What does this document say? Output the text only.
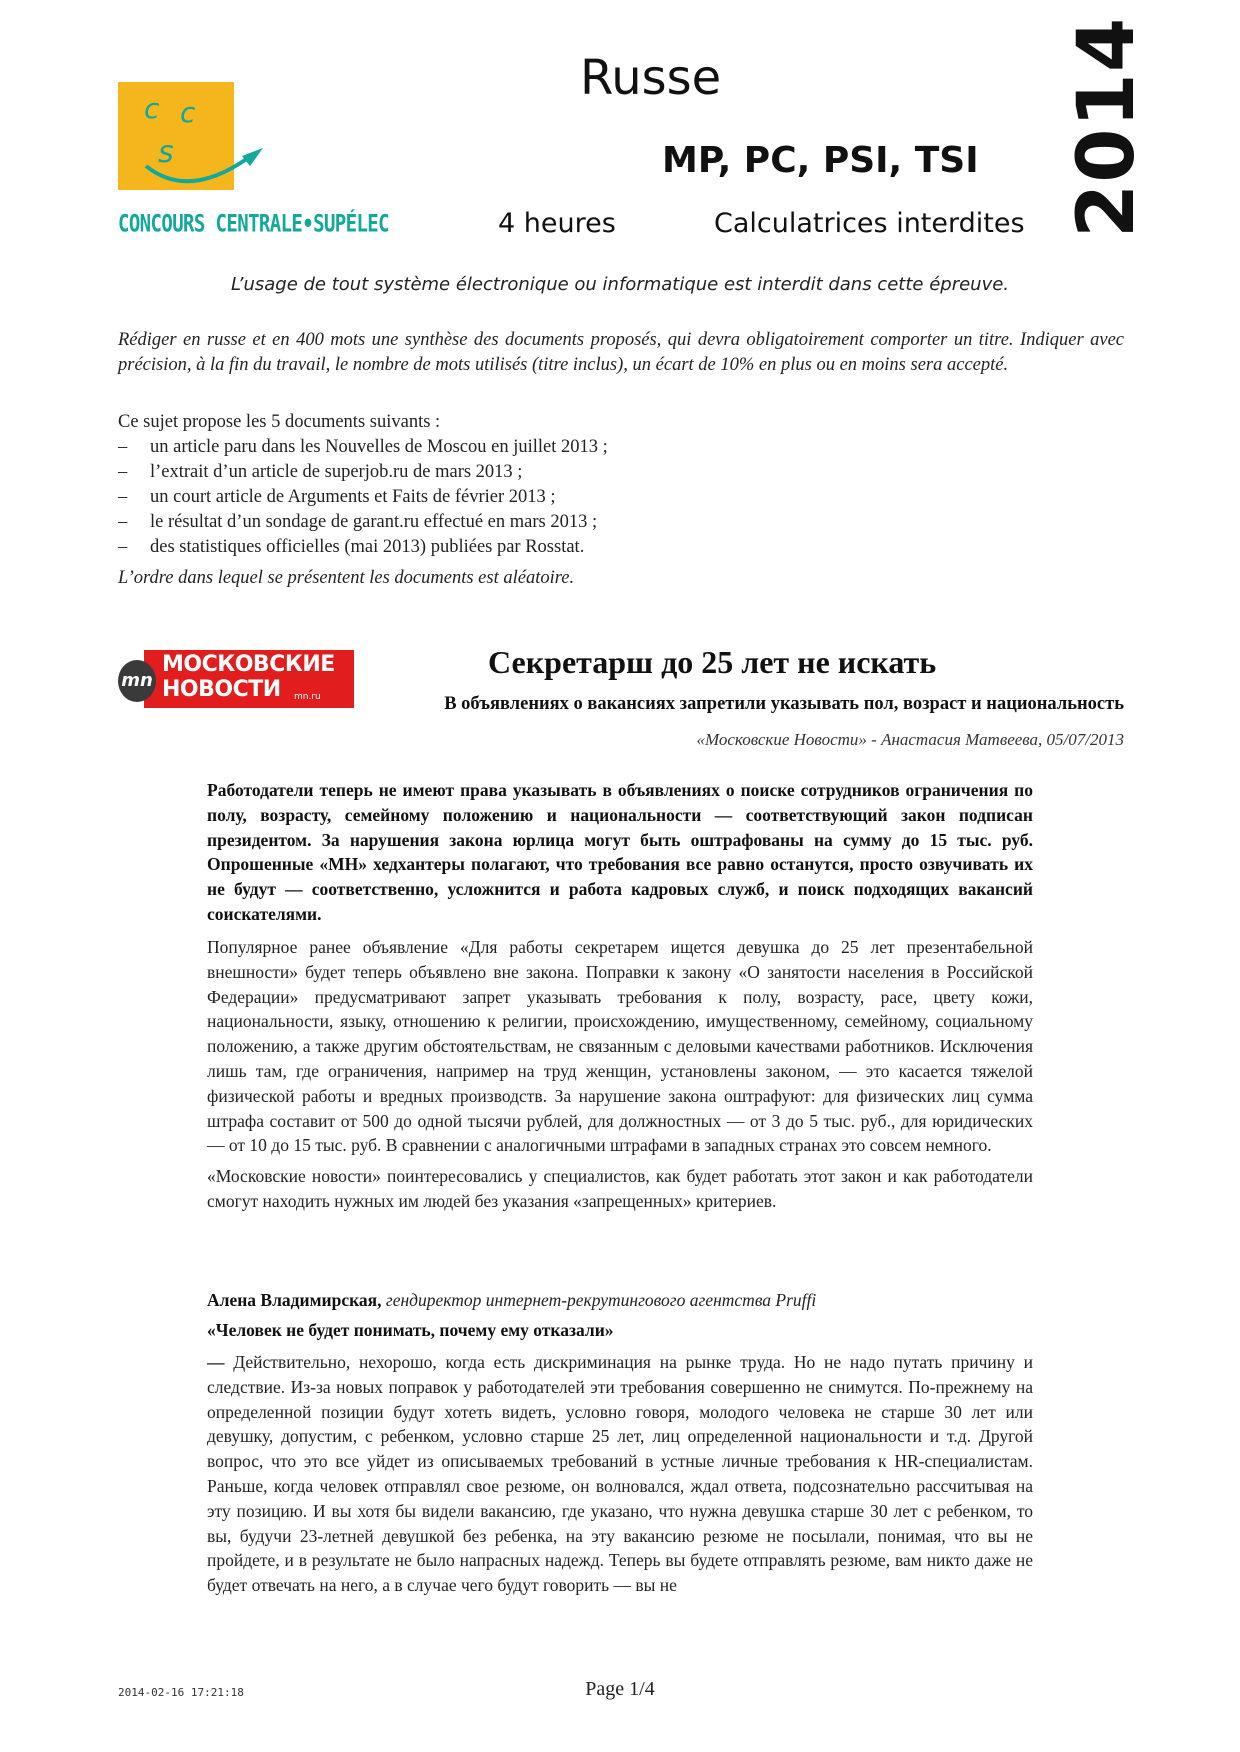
c c
s
CONCOURS CENTRALE•SUPÉLEC
Russe
MP, PC, PSI, TSI
4 heures	Calculatrices interdites 2014
L’usage de tout système électronique ou informatique est interdit dans cette épreuve.
Rédiger en russe et en 400 mots une synthèse des documents proposés, qui devra obligatoirement comporter un titre. Indiquer avec précision, à la fin du travail, le nombre de mots utilisés (titre inclus), un écart de 10% en plus ou en moins sera accepté.
Ce sujet propose les 5 documents suivants :
– un article paru dans les Nouvelles de Moscou en juillet 2013 ;
– l’extrait d’un article de superjob.ru de mars 2013 ;
– un court article de Arguments et Faits de février 2013 ;
– le résultat d’un sondage de garant.ru effectué en mars 2013 ;
– des statistiques officielles (mai 2013) publiées par Rosstat.
L’ordre dans lequel se présentent les documents est aléatoire.
mn
МОСКОВСКИЕ
НОВОСТИ mn.ru
Секретарш до 25 лет не искать
В объявлениях о вакансиях запретили указывать пол, возраст и национальность
«Московские Новости» - Анастасия Матвеева, 05/07/2013
Работодатели теперь не имеют права указывать в объявлениях о поиске сотрудников ограничения по полу, возрасту, семейному положению и национальности — соответствующий закон подписан президентом. За нарушения закона юрлица могут быть оштрафованы на сумму до 15 тыс. руб. Опрошенные «МН» хедхантеры полагают, что требования все равно останутся, просто озвучивать их не будут — соответственно, усложнится и работа кадровых служб, и поиск подходящих вакансий соискателями.

Популярное ранее объявление «Для работы секретарем ищется девушка до 25 лет презентабельной внешности» будет теперь объявлено вне закона. Поправки к закону «О занятости населения в Российской Федерации» предусматривают запрет указывать требования к полу, возрасту, расе, цвету кожи, национальности, языку, отношению к религии, происхождению, имущественному, семейному, социальному положению, а также другим обстоятельствам, не связанным с деловыми качествами работников. Исключения лишь там, где ограничения, например на труд женщин, установлены законом, — это касается тяжелой физической работы и вредных производств. За нарушение закона оштрафуют: для физических лиц сумма штрафа составит от 500 до одной тысячи рублей, для должностных — от 3 до 5 тыс. руб., для юридических — от 10 до 15 тыс. руб. В сравнении с аналогичными штрафами в западных странах это совсем немного.

«Московские новости» поинтересовались у специалистов, как будет работать этот закон и как работодатели смогут находить нужных им людей без указания «запрещенных» критериев.

Алена Владимирская, гендиректор интернет-рекрутингового агентства Pruffi
«Человек не будет понимать, почему ему отказали»
— Действительно, нехорошо, когда есть дискриминация на рынке труда. Но не надо путать причину и следствие. Из-за новых поправок у работодателей эти требования совершенно не снимутся. По-прежнему на определенной позиции будут хотеть видеть, условно говоря, молодого человека не старше 30 лет или девушку, допустим, с ребенком, условно старше 25 лет, лиц определенной национальности и т.д. Другой вопрос, что это все уйдет из описываемых требований в устные личные требования к HR-специалистам. Раньше, когда человек отправлял свое резюме, он волновался, ждал ответа, подсознательно рассчитывая на эту позицию. И вы хотя бы видели вакансию, где указано, что нужна девушка старше 30 лет с ребенком, то вы, будучи 23-летней девушкой без ребенка, на эту вакансию резюме не посылали, понимая, что вы не пройдете, и в результате не было напрасных надежд. Теперь вы будете отправлять резюме, вам никто даже не будет отвечать на него, а в случае чего будут говорить — вы не
2014-02-16 17:21:18	Page 1/4
